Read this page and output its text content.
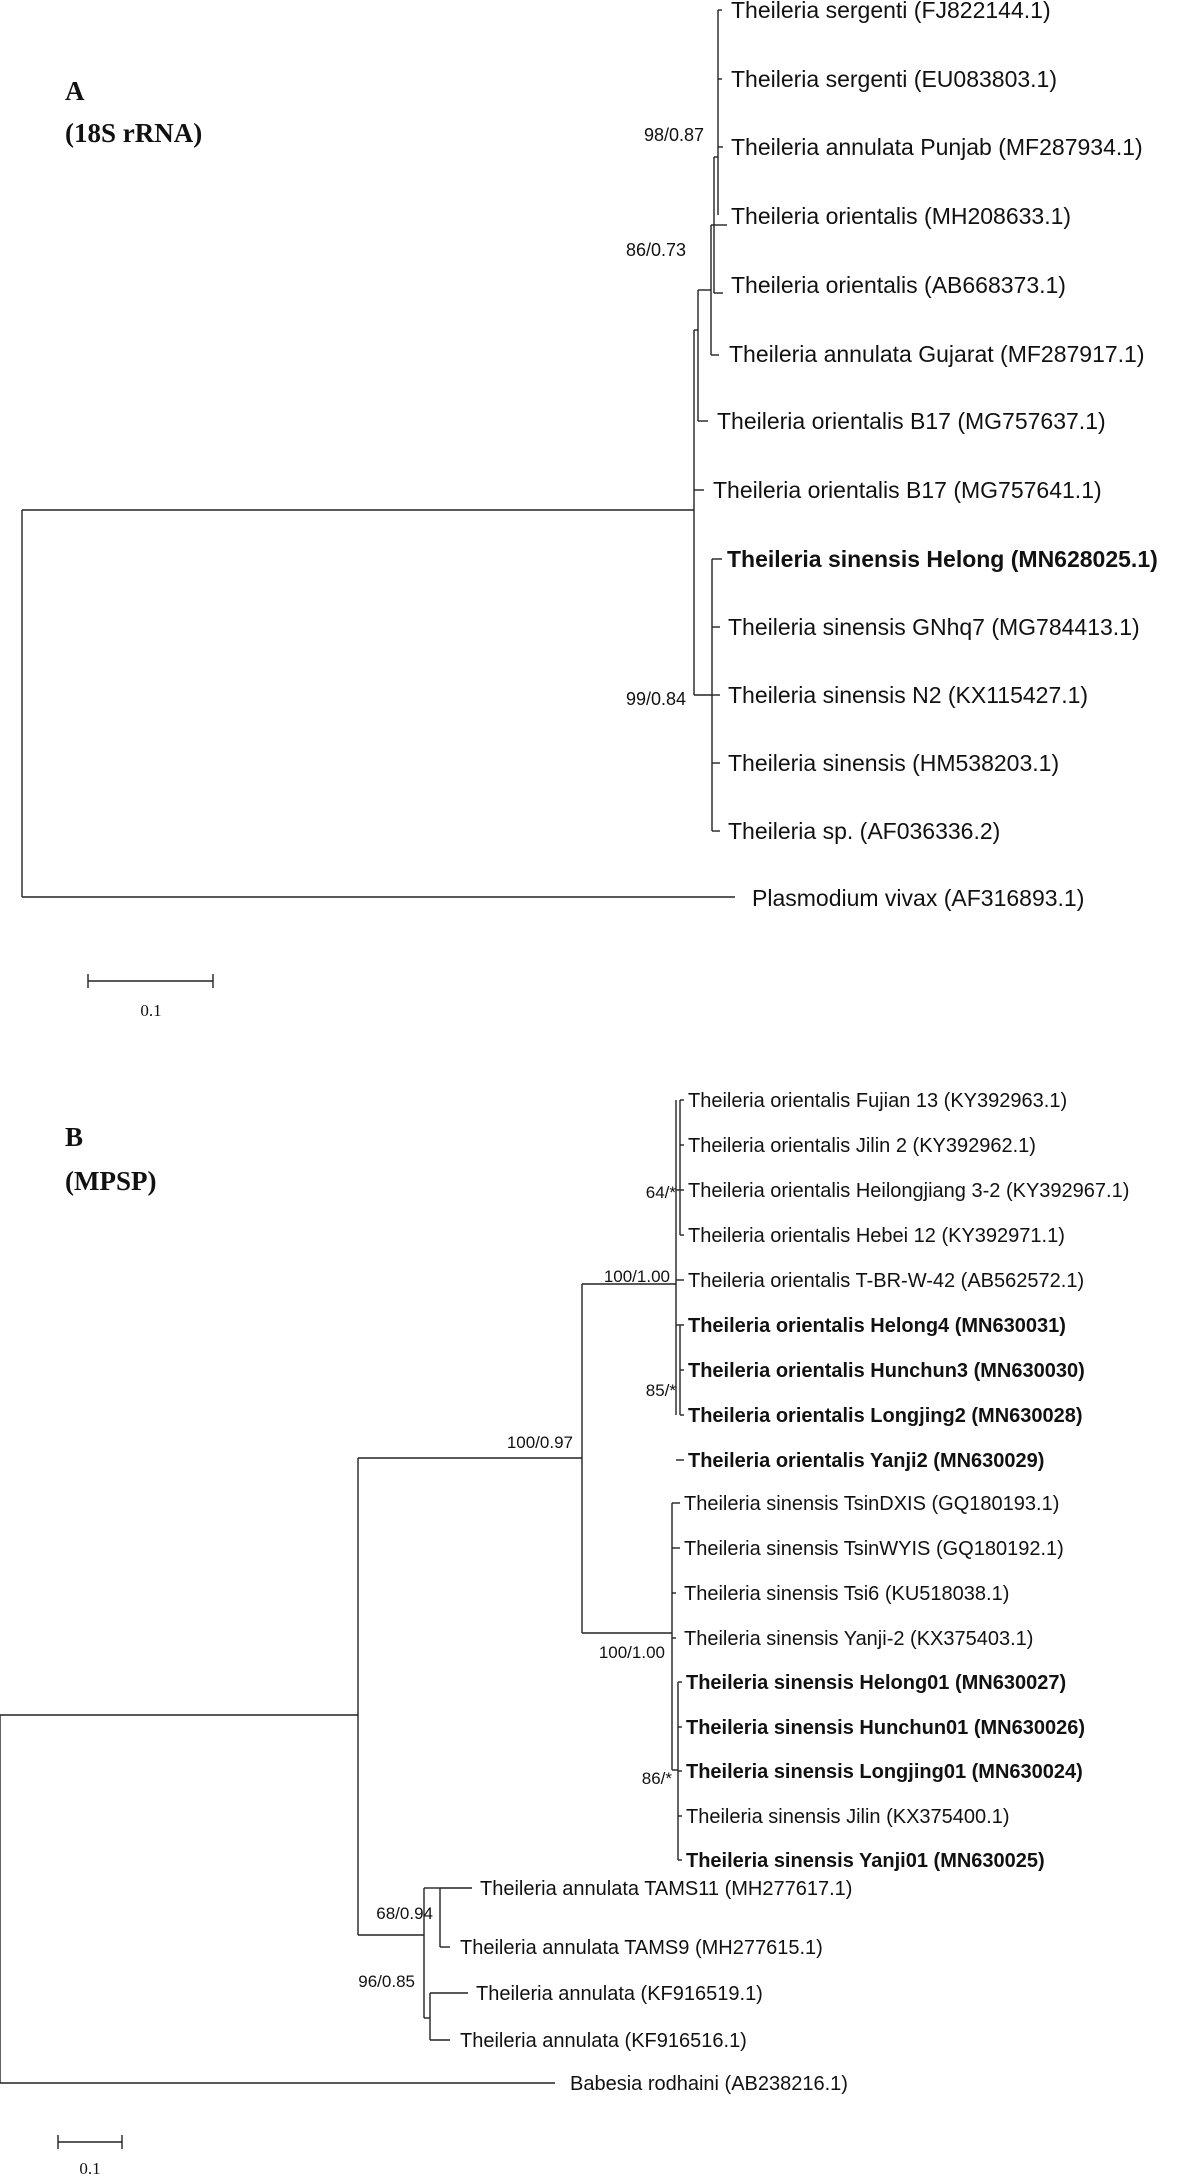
A
(18S rRNA)
Theileria sergenti (FJ822144.1)
Theileria sergenti (EU083803.1)
Theileria annulata Punjab (MF287934.1)
Theileria orientalis (MH208633.1)
Theileria orientalis (AB668373.1)
Theileria annulata Gujarat (MF287917.1)
Theileria orientalis B17 (MG757637.1)
Theileria orientalis B17 (MG757641.1)
Theileria sinensis Helong (MN628025.1)
Theileria sinensis GNhq7 (MG784413.1)
Theileria sinensis N2 (KX115427.1)
Theileria sinensis (HM538203.1)
Theileria sp. (AF036336.2)
Plasmodium vivax (AF316893.1)
98/0.87
86/0.73
99/0.84
0.1
B
(MPSP)
Theileria orientalis Fujian 13 (KY392963.1)
Theileria orientalis Jilin 2 (KY392962.1)
Theileria orientalis Heilongjiang 3-2 (KY392967.1)
Theileria orientalis Hebei 12 (KY392971.1)
Theileria orientalis T-BR-W-42 (AB562572.1)
Theileria orientalis Helong4 (MN630031)
Theileria orientalis Hunchun3 (MN630030)
Theileria orientalis Longjing2 (MN630028)
Theileria orientalis Yanji2 (MN630029)
Theileria sinensis TsinDXIS (GQ180193.1)
Theileria sinensis TsinWYIS (GQ180192.1)
Theileria sinensis Tsi6 (KU518038.1)
Theileria sinensis Yanji-2 (KX375403.1)
Theileria sinensis Helong01 (MN630027)
Theileria sinensis Hunchun01 (MN630026)
Theileria sinensis Longjing01 (MN630024)
Theileria sinensis Jilin (KX375400.1)
Theileria sinensis Yanji01 (MN630025)
Theileria annulata TAMS11 (MH277617.1)
Theileria annulata TAMS9 (MH277615.1)
Theileria annulata (KF916519.1)
Theileria annulata (KF916516.1)
Babesia rodhaini (AB238216.1)
64/*
100/1.00
85/*
100/0.97
100/1.00
86/*
68/0.94
96/0.85
0.1
